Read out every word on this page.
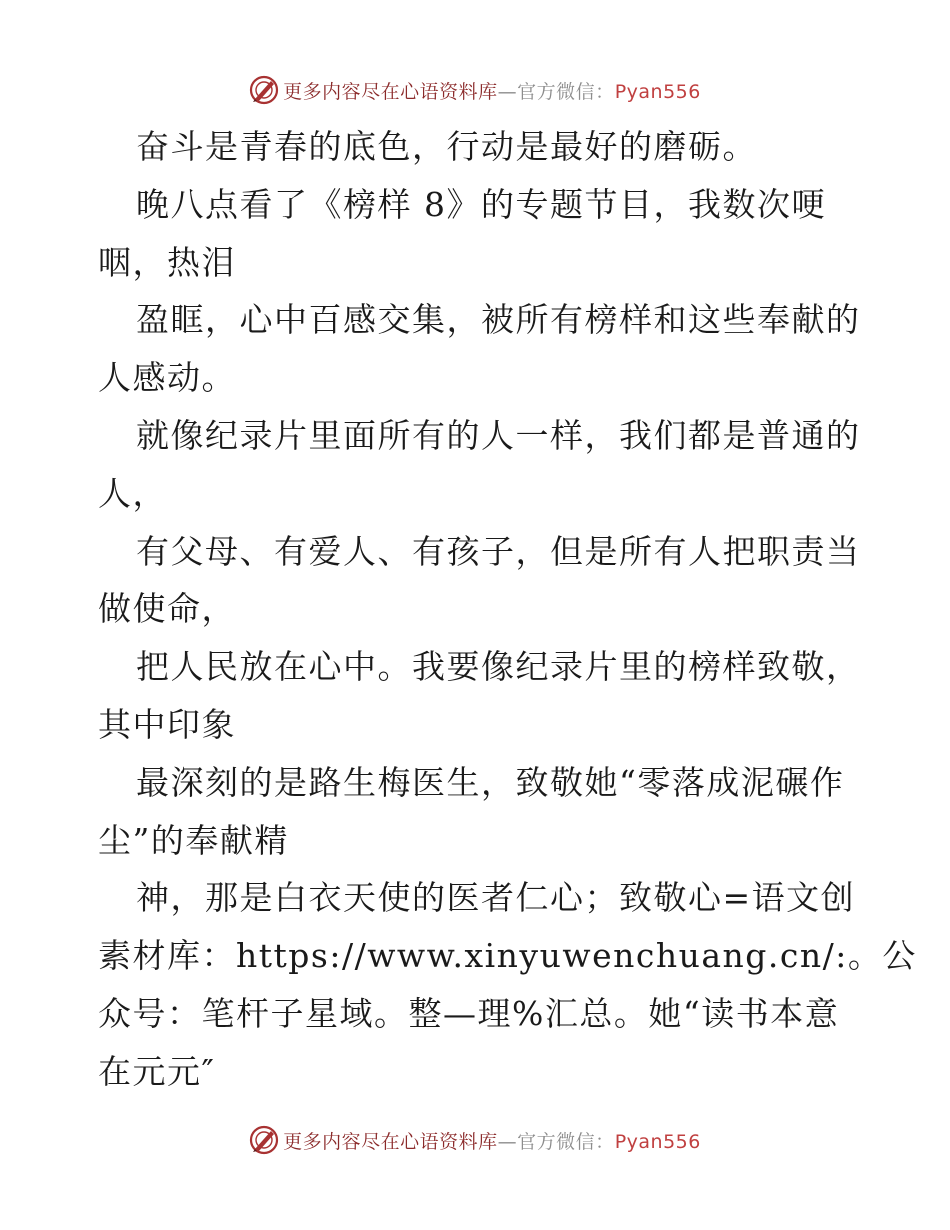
更多内容尽在心语资料库—官方微信：Pyan556
奋斗是青春的底色，行动是最好的磨砺。
晚八点看了《榜样 8》的专题节目，我数次哽
咽，热泪
盈眶，心中百感交集，被所有榜样和这些奉献的
人感动。
就像纪录片里面所有的人一样，我们都是普通的
人，
有父母、有爱人、有孩子，但是所有人把职责当
做使命，
把人民放在心中。我要像纪录片里的榜样致敬，
其中印象
最深刻的是路生梅医生，致敬她“零落成泥碾作
尘”的奉献精
神，那是白衣天使的医者仁心；致敬心=语文创
素材库：https://www.xinyuwenchuang.cn/:。公
众号：笔杆子星域。整—理%汇总。她“读书本意
在元元″
更多内容尽在心语资料库—官方微信：Pyan556
